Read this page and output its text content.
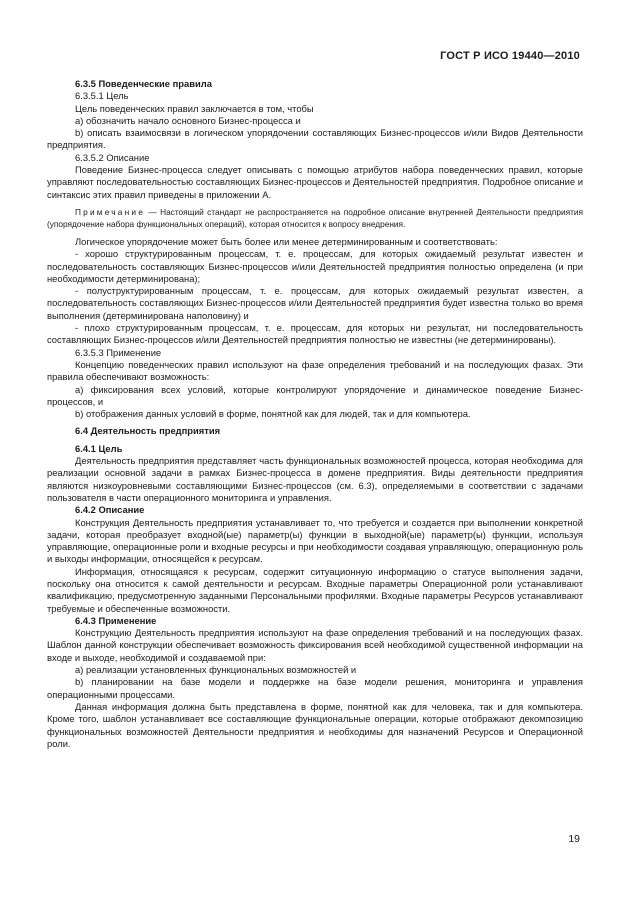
ГОСТ Р ИСО 19440—2010

6.3.5 Поведенческие правила

6.3.5.1 Цель

Цель поведенческих правил заключается в том, чтобы

а) обозначить начало основного Бизнес-процесса и

b) описать взаимосвязи в логическом упорядочении составляющих Бизнес-процессов и/или Видов Деятельности предприятия.

6.3.5.2 Описание

Поведение Бизнес-процесса следует описывать с помощью атрибутов набора поведенческих правил, которые управляют последовательностью составляющих Бизнес-процессов и Деятельностей предприятия. Подробное описание и синтаксис этих правил приведены в приложении А.

Примечание — Настоящий стандарт не распространяется на подробное описание внутренней Деятельности предприятия (упорядочение набора функциональных операций), которая относится к вопросу внедрения.

Логическое упорядочение может быть более или менее детерминированным и соответствовать:

- хорошо структурированным процессам, т. е. процессам, для которых ожидаемый результат известен и последовательность составляющих Бизнес-процессов и/или Деятельностей предприятия полностью определена (и при необходимости детерминирована);

- полуструктурированным процессам, т. е. процессам, для которых ожидаемый результат известен, а последовательность составляющих Бизнес-процессов и/или Деятельностей предприятия будет известна только во время выполнения (детерминирована наполовину) и

- плохо структурированным процессам, т. е. процессам, для которых ни результат, ни последовательность составляющих Бизнес-процессов и/или Деятельностей предприятия полностью не известны (не детерминированы).

6.3.5.3 Применение

Концепцию поведенческих правил используют на фазе определения требований и на последующих фазах. Эти правила обеспечивают возможность:

а) фиксирования всех условий, которые контролируют упорядочение и динамическое поведение Бизнес-процессов, и

b) отображения данных условий в форме, понятной как для людей, так и для компьютера.

6.4 Деятельность предприятия

6.4.1 Цель

Деятельность предприятия представляет часть функциональных возможностей процесса, которая необходима для реализации основной задачи в рамках Бизнес-процесса в домене предприятия. Виды деятельности предприятия являются низкоуровневыми составляющими Бизнес-процессов (см. 6.3), определяемыми в соответствии с задачами пользователя в части операционного мониторинга и управления.

6.4.2 Описание

Конструкция Деятельность предприятия устанавливает то, что требуется и создается при выполнении конкретной задачи, которая преобразует входной(ые) параметр(ы) функции в выходной(ые) параметр(ы) функции, используя управляющие, операционные роли и входные ресурсы и при необходимости создавая управляющую, операционную роль и выходы информации, относящейся к ресурсам.

Информация, относящаяся к ресурсам, содержит ситуационную информацию о статусе выполнения задачи, поскольку она относится к самой деятельности и ресурсам. Входные параметры Операционной роли устанавливают квалификацию, предусмотренную заданными Персональными профилями. Входные параметры Ресурсов устанавливают требуемые и обеспеченные возможности.

6.4.3 Применение

Конструкцию Деятельность предприятия используют на фазе определения требований и на последующих фазах. Шаблон данной конструкции обеспечивает возможность фиксирования всей необходимой существенной информации на входе и выходе, необходимой и создаваемой при:

а) реализации установленных функциональных возможностей и

b) планировании на базе модели и поддержке на базе модели решения, мониторинга и управления операционными процессами.

Данная информация должна быть представлена в форме, понятной как для человека, так и для компьютера. Кроме того, шаблон устанавливает все составляющие функциональные операции, которые отображают декомпозицию функциональных возможностей Деятельности предприятия и необходимы для назначений Ресурсов и Операционной роли.

19
